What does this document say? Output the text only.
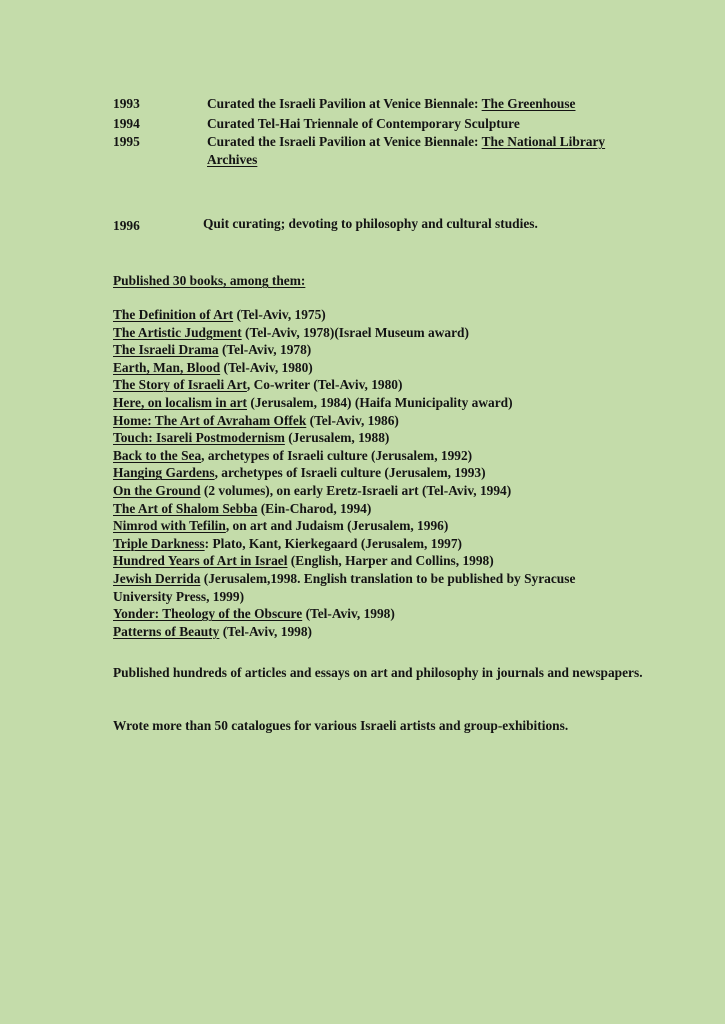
1993	Curated the Israeli Pavilion at Venice Biennale: The Greenhouse
1994	Curated Tel-Hai Triennale of Contemporary Sculpture
1995	Curated the Israeli Pavilion at Venice Biennale: The National Library Archives
1996	Quit curating; devoting to philosophy and cultural studies.
Published 30 books, among them:
The Definition of Art (Tel-Aviv, 1975)
The Artistic Judgment (Tel-Aviv, 1978)(Israel Museum award)
The Israeli Drama (Tel-Aviv, 1978)
Earth, Man, Blood (Tel-Aviv, 1980)
The Story of Israeli Art, Co-writer (Tel-Aviv, 1980)
Here, on localism in art (Jerusalem, 1984) (Haifa Municipality award)
Home: The Art of Avraham Offek (Tel-Aviv, 1986)
Touch: Isareli Postmodernism (Jerusalem, 1988)
Back to the Sea, archetypes of Israeli culture (Jerusalem, 1992)
Hanging Gardens, archetypes of Israeli culture (Jerusalem, 1993)
On the Ground (2 volumes), on early Eretz-Israeli art (Tel-Aviv, 1994)
The Art of Shalom Sebba (Ein-Charod, 1994)
Nimrod with Tefilin, on art and Judaism (Jerusalem, 1996)
Triple Darkness: Plato, Kant, Kierkegaard (Jerusalem, 1997)
Hundred Years of Art in Israel (English, Harper and Collins, 1998)
Jewish Derrida (Jerusalem,1998. English translation to be published by Syracuse University Press, 1999)
Yonder: Theology of the Obscure (Tel-Aviv, 1998)
Patterns of Beauty (Tel-Aviv, 1998)
Published hundreds of articles and essays on art and philosophy in journals and newspapers.
Wrote more than 50 catalogues for various Israeli artists and group-exhibitions.
